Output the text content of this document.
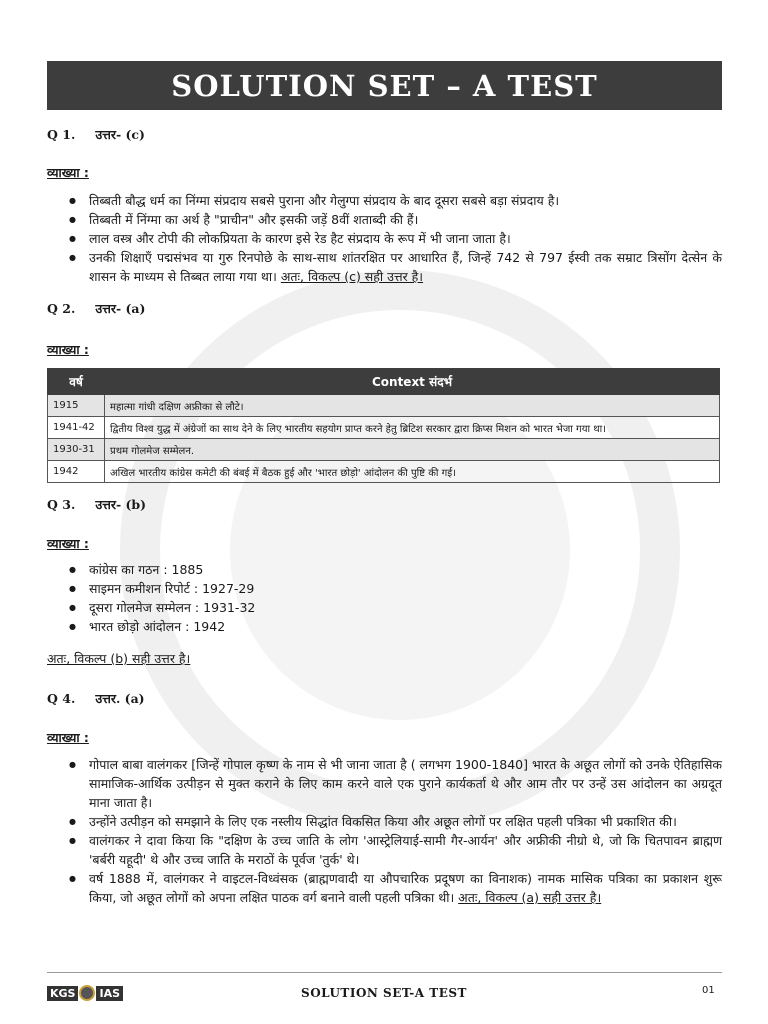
SOLUTION SET – A TEST
Q 1. उत्तर- (c)
व्याख्या :
● तिब्बती बौद्ध धर्म का निंग्मा संप्रदाय सबसे पुराना और गेलुग्पा संप्रदाय के बाद दूसरा सबसे बड़ा संप्रदाय है।
● तिब्बती में निंग्मा का अर्थ है "प्राचीन" और इसकी जड़ें 8वीं शताब्दी की हैं।
● लाल वस्त्र और टोपी की लोकप्रियता के कारण इसे रेड हैट संप्रदाय के रूप में भी जाना जाता है।
● उनकी शिक्षाएँ पद्मसंभव या गुरु रिनपोछे के साथ-साथ शांतरक्षित पर आधारित हैं, जिन्हें 742 से 797 ईस्वी तक सम्राट त्रिसोंग देत्सेन के शासन के माध्यम से तिब्बत लाया गया था। अतः, विकल्प (c) सही उत्तर है।
Q 2. उत्तर- (a)
व्याख्या :
वर्ष	Context संदर्भ
1915	महात्मा गांधी दक्षिण अफ्रीका से लौटे।
1941-42	द्वितीय विश्व युद्ध में अंग्रेजों का साथ देने के लिए भारतीय सहयोग प्राप्त करने हेतु ब्रिटिश सरकार द्वारा क्रिप्स मिशन को भारत भेजा गया था।
1930-31	प्रथम गोलमेज सम्मेलन.
1942	अखिल भारतीय कांग्रेस कमेटी की बंबई में बैठक हुई और 'भारत छोड़ो' आंदोलन की पुष्टि की गई।
Q 3. उत्तर- (b)
व्याख्या :
● कांग्रेस का गठन : 1885
● साइमन कमीशन रिपोर्ट : 1927-29
● दूसरा गोलमेज सम्मेलन : 1931-32
● भारत छोड़ो आंदोलन : 1942
अतः, विकल्प (b) सही उत्तर है।
Q 4. उत्तर. (a)
व्याख्या :
● गोपाल बाबा वालंगकर [जिन्हें गोपाल कृष्ण के नाम से भी जाना जाता है ( लगभग 1900-1840] भारत के अछूत लोगों को उनके ऐतिहासिक सामाजिक-आर्थिक उत्पीड़न से मुक्त कराने के लिए काम करने वाले एक पुराने कार्यकर्ता थे और आम तौर पर उन्हें उस आंदोलन का अग्रदूत माना जाता है।
● उन्होंने उत्पीड़न को समझाने के लिए एक नस्लीय सिद्धांत विकसित किया और अछूत लोगों पर लक्षित पहली पत्रिका भी प्रकाशित की।
● वालंगकर ने दावा किया कि "दक्षिण के उच्च जाति के लोग 'आस्ट्रेलियाई-सामी गैर-आर्यन' और अफ्रीकी नीग्रो थे, जो कि चितपावन ब्राह्मण 'बर्बरी यहूदी' थे और उच्च जाति के मराठों के पूर्वज 'तुर्क' थे।
● वर्ष 1888 में, वालंगकर ने वाइटल-विध्वंसक (ब्राह्मणवादी या औपचारिक प्रदूषण का विनाशक) नामक मासिक पत्रिका का प्रकाशन शुरू किया, जो अछूत लोगों को अपना लक्षित पाठक वर्ग बनाने वाली पहली पत्रिका थी। अतः, विकल्प (a) सही उत्तर है।
KGS IAS	SOLUTION SET-A TEST	01
